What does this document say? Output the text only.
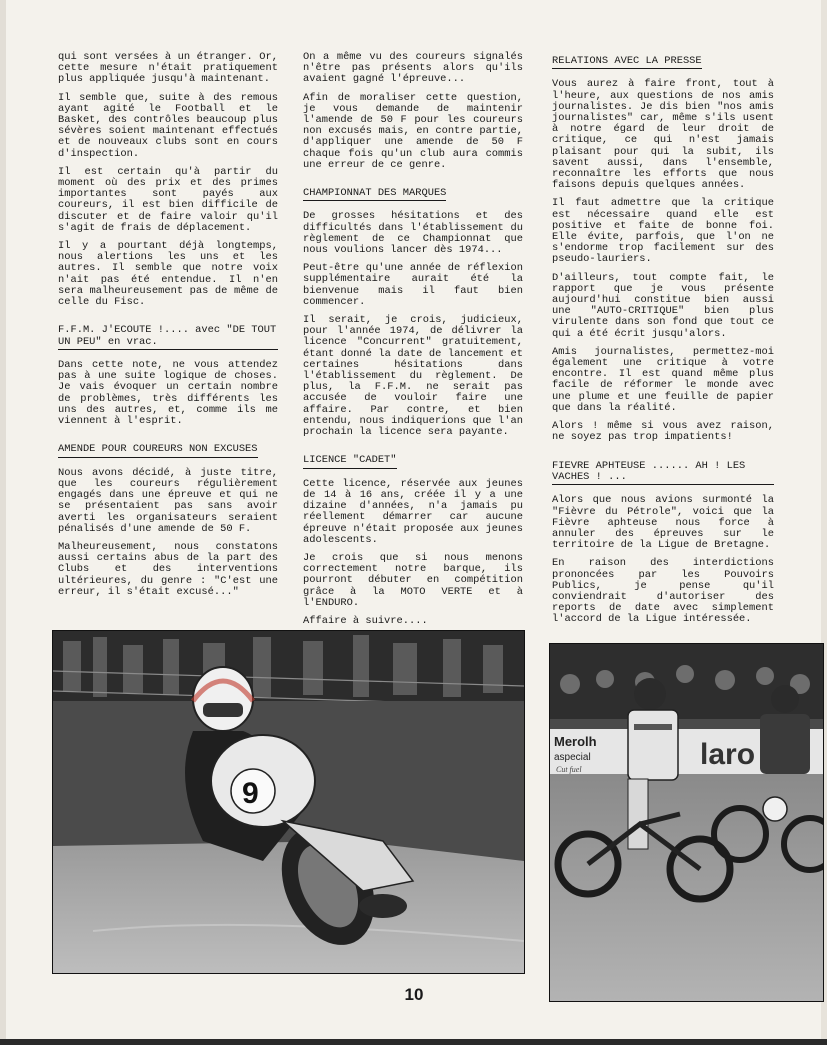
qui sont versées à un étranger. Or, cette mesure n'était pratiquement plus appliquée jusqu'à maintenant.

Il semble que, suite à des remous ayant agité le Football et le Basket, des contrôles beaucoup plus sévères soient maintenant effectués et de nouveaux clubs sont en cours d'inspection.

Il est certain qu'à partir du moment où des prix et des primes importantes sont payés aux coureurs, il est bien difficile de discuter et de faire valoir qu'il s'agit de frais de déplacement.

Il y a pourtant déjà longtemps, nous alertions les uns et les autres. Il semble que notre voix n'ait pas été entendue. Il n'en sera malheureusement pas de même de celle du Fisc.

F.F.M. J'ECOUTE !.... avec "DE TOUT UN PEU" en vrac.

Dans cette note, ne vous attendez pas à une suite logique de choses. Je vais évoquer un certain nombre de problèmes, très différents les uns des autres, et, comme ils me viennent à l'esprit.

AMENDE POUR COUREURS NON EXCUSES

Nous avons décidé, à juste titre, que les coureurs régulièrement engagés dans une épreuve et qui ne se présentaient pas sans avoir averti les organisateurs seraient pénalisés d'une amende de 50 F.

Malheureusement, nous constatons aussi certains abus de la part des Clubs et des interventions ultérieures, du genre : "C'est une erreur, il s'était excusé..."

On a même vu des coureurs signalés n'être pas présents alors qu'ils avaient gagné l'épreuve...

Afin de moraliser cette question, je vous demande de maintenir l'amende de 50 F pour les coureurs non excusés mais, en contre partie, d'appliquer une amende de 50 F chaque fois qu'un club aura commis une erreur de ce genre.

CHAMPIONNAT DES MARQUES

De grosses hésitations et des difficultés dans l'établissement du règlement de ce Championnat que nous voulions lancer dès 1974...

Peut-être qu'une année de réflexion supplémentaire aurait été la bienvenue mais il faut bien commencer.

Il serait, je crois, judicieux, pour l'année 1974, de délivrer la licence "Concurrent" gratuitement, étant donné la date de lancement et certaines hésitations dans l'établissement du règlement. De plus, la F.F.M. ne serait pas accusée de vouloir faire une affaire. Par contre, et bien entendu, nous indiquerions que l'an prochain la licence sera payante.

LICENCE "CADET"

Cette licence, réservée aux jeunes de 14 à 16 ans, créée il y a une dizaine d'années, n'a jamais pu réellement démarrer car aucune épreuve n'était proposée aux jeunes adolescents.

Je crois que si nous menons correctement notre barque, ils pourront débuter en compétition grâce à la MOTO VERTE et à l'ENDURO.

Affaire à suivre....

RELATIONS AVEC LA PRESSE

Vous aurez à faire front, tout à l'heure, aux questions de nos amis journalistes. Je dis bien "nos amis journalistes" car, même s'ils usent à notre égard de leur droit de critique, ce qui n'est jamais plaisant pour qui la subit, ils savent aussi, dans l'ensemble, reconnaître les efforts que nous faisons depuis quelques années.

Il faut admettre que la critique est nécessaire quand elle est positive et faite de bonne foi. Elle évite, parfois, que l'on ne s'endorme trop facilement sur des pseudo-lauriers.

D'ailleurs, tout compte fait, le rapport que je vous présente aujourd'hui constitue bien aussi une "AUTO-CRITIQUE" bien plus virulente dans son fond que tout ce qui a été écrit jusqu'alors.

Amis journalistes, permettez-moi également une critique à votre encontre. Il est quand même plus facile de réformer le monde avec une plume et une feuille de papier que dans la réalité.

Alors ! même si vous avez raison, ne soyez pas trop impatients!

FIEVRE APHTEUSE ...... AH ! LES VACHES ! ...

Alors que nous avions surmonté la "Fièvre du Pétrole", voici que la Fièvre aphteuse nous force à annuler des épreuves sur le territoire de la Ligue de Bretagne.

En raison des interdictions prononcées par les Pouvoirs Publics, je pense qu'il conviendrait d'autoriser des reports de date avec simplement l'accord de la Ligue intéressée.

9
Merolh
aspecial
Cut fuel	laro
10
